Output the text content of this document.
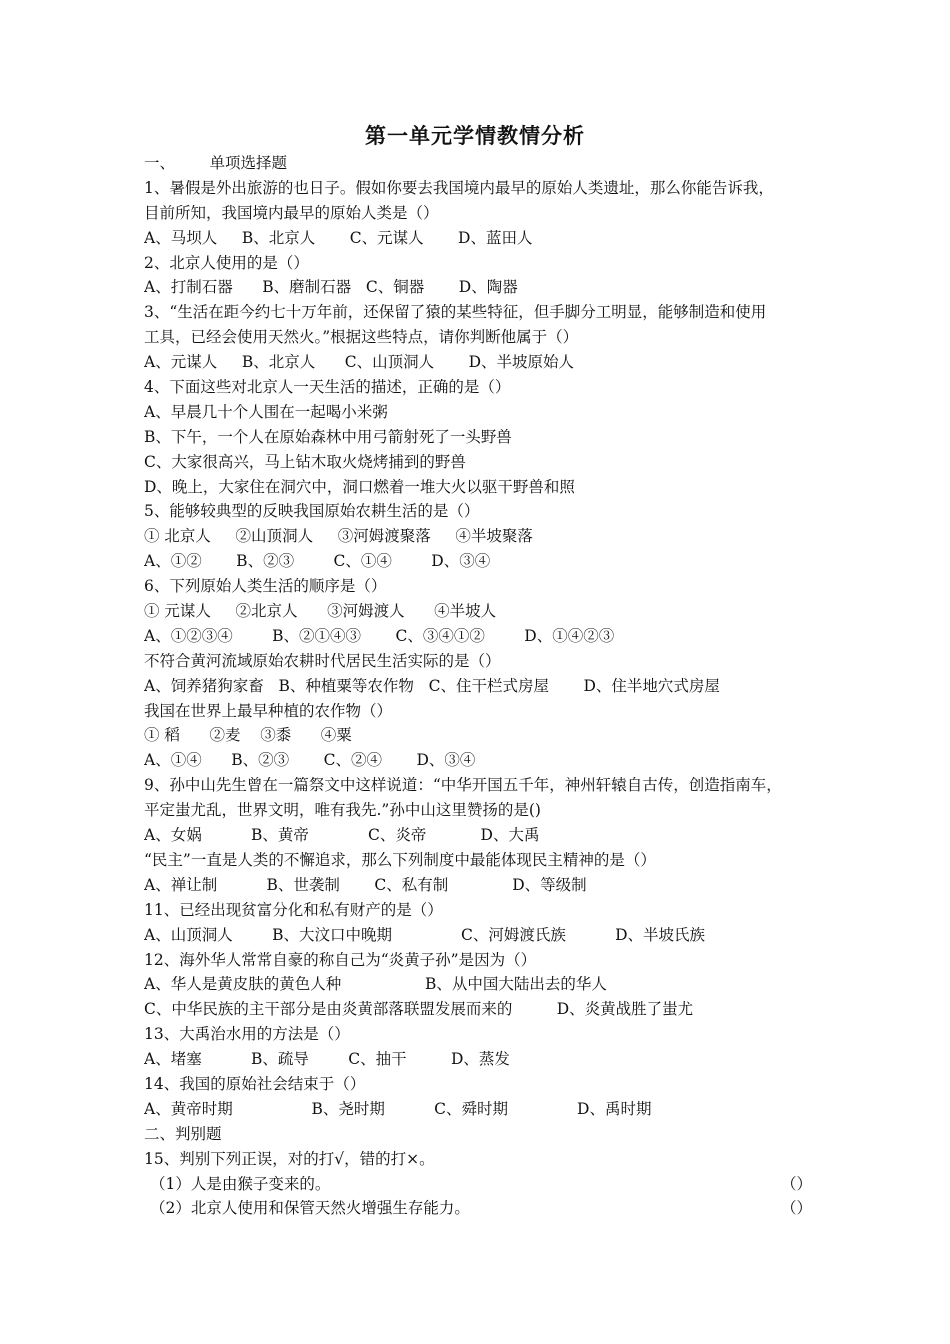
第一单元学情教情分析
一、       单项选择题
1、暑假是外出旅游的也日子。假如你要去我国境内最早的原始人类遗址，那么你能告诉我，
目前所知，我国境内最早的原始人类是（）
A、马坝人     B、北京人       C、元谋人       D、蓝田人
2、北京人使用的是（）
A、打制石器      B、磨制石器   C、铜器       D、陶器
3、“生活在距今约七十万年前，还保留了猿的某些特征，但手脚分工明显，能够制造和使用
工具，已经会使用天然火。”根据这些特点，请你判断他属于（）
A、元谋人     B、北京人      C、山顶洞人       D、半坡原始人
4、下面这些对北京人一天生活的描述，正确的是（）
A、早晨几十个人围在一起喝小米粥
B、下午，一个人在原始森林中用弓箭射死了一头野兽
C、大家很高兴，马上钻木取火烧烤捕到的野兽
D、晚上，大家住在洞穴中，洞口燃着一堆大火以驱干野兽和照
5、能够较典型的反映我国原始农耕生活的是（）
① 北京人     ②山顶洞人     ③河姆渡聚落     ④半坡聚落
A、①②       B、②③        C、①④        D、③④
6、下列原始人类生活的顺序是（）
① 元谋人     ②北京人      ③河姆渡人      ④半坡人
A、①②③④        B、②①④③       C、③④①②        D、①④②③
不符合黄河流域原始农耕时代居民生活实际的是（）
A、饲养猪狗家畜   B、种植粟等农作物   C、住干栏式房屋       D、住半地穴式房屋
我国在世界上最早种植的农作物（）
① 稻      ②麦    ③黍      ④粟
A、①④      B、②③       C、②④       D、③④
9、孙中山先生曾在一篇祭文中这样说道：“中华开国五千年，神州轩辕自古传，创造指南车，
平定蚩尤乱，世界文明，唯有我先.”孙中山这里赞扬的是()
A、女娲          B、黄帝            C、炎帝           D、大禹
“民主”一直是人类的不懈追求，那么下列制度中最能体现民主精神的是（）
A、禅让制          B、世袭制       C、私有制             D、等级制
11、已经出现贫富分化和私有财产的是（）
A、山顶洞人        B、大汶口中晚期              C、河姆渡氏族          D、半坡氏族
12、海外华人常常自豪的称自己为“炎黄子孙”是因为（）
A、华人是黄皮肤的黄色人种                 B、从中国大陆出去的华人
C、中华民族的主干部分是由炎黄部落联盟发展而来的         D、炎黄战胜了蚩尤
13、大禹治水用的方法是（）
A、堵塞          B、疏导        C、抽干         D、蒸发
14、我国的原始社会结束于（）
A、黄帝时期                B、尧时期          C、舜时期              D、禹时期
二、判别题
15、判别下列正误，对的打√，错的打×。
（1）人是由猴子变来的。	（）
（2）北京人使用和保管天然火增强生存能力。	（）
